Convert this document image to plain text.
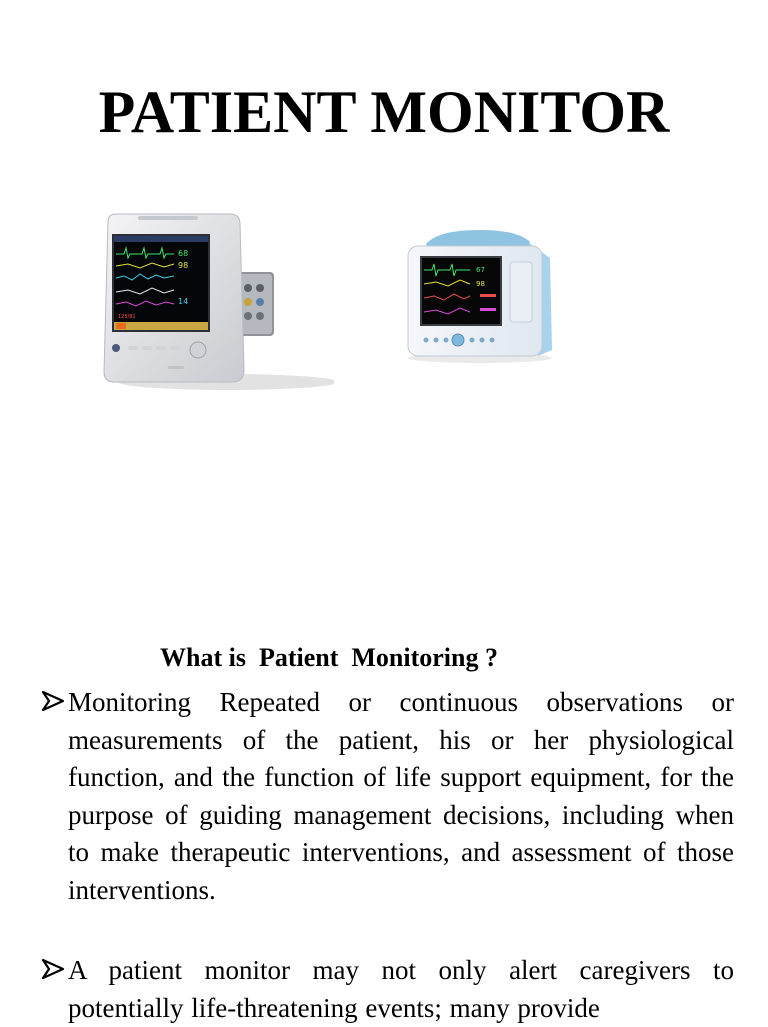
PATIENT MONITOR
68
98
14
125/81
67
98
What is  Patient  Monitoring ?
Monitoring Repeated or continuous observations or measurements of the patient, his or her physiological function, and the function of life support equipment, for the purpose of guiding management decisions, including when to make therapeutic interventions, and assessment of those interventions.
A patient monitor may not only alert caregivers to potentially life-threatening events; many provide
